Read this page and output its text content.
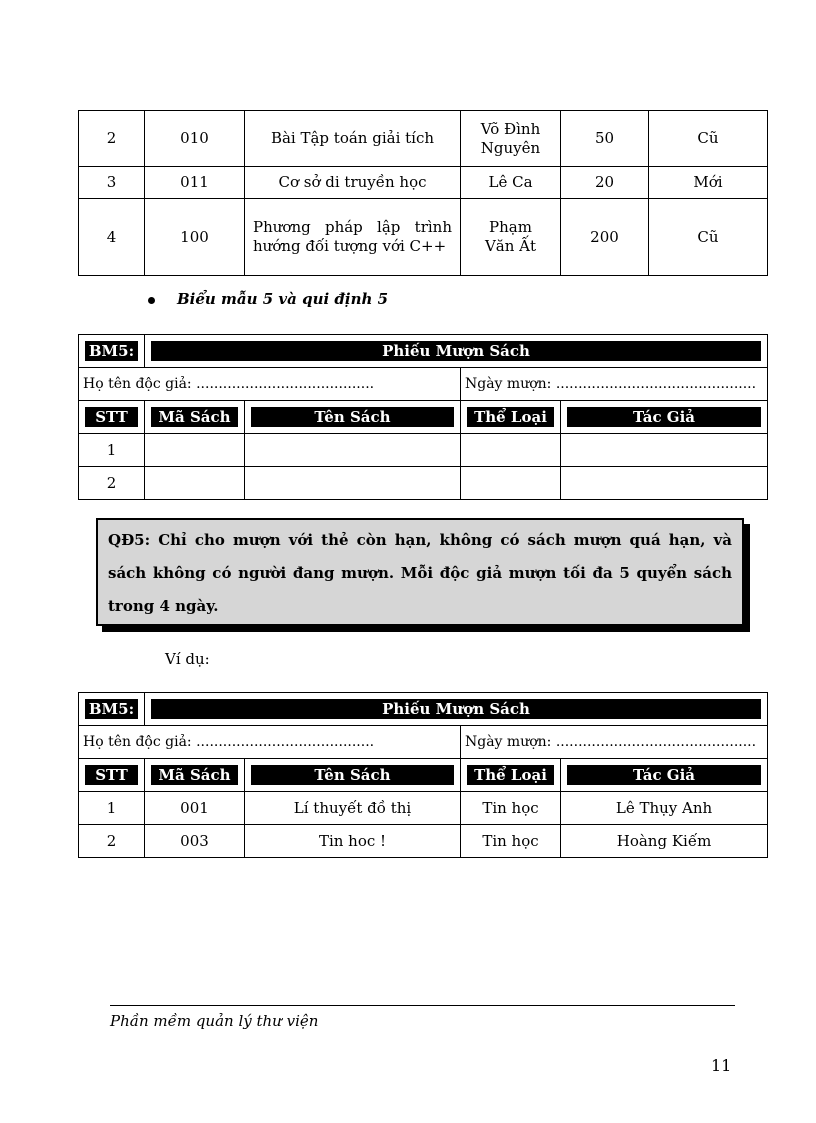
2	010	Bài Tập toán giải tích	Võ Đình Nguyên	50	Cũ
3	011	Cơ sở di truyền học	Lê Ca	20	Mới
4	100	Phương pháp lập trình hướng đối tượng với C++	Phạm Văn Ất	200	Cũ
Biểu mẫu 5 và qui định 5
BM5:	Phiếu Mượn Sách			

Họ tên độc giả: ........................................			Ngày mượn: .............................................	

STT	Mã Sách	Tên Sách	Thể Loại	Tác Giả

1				
2				
QĐ5: Chỉ cho mượn với thẻ còn hạn, không có sách mượn quá hạn, và sách không có người đang mượn. Mỗi độc giả mượn tối đa 5 quyển sách trong 4 ngày.
Ví dụ:
BM5:	Phiếu Mượn Sách			

Họ tên độc giả: ........................................			Ngày mượn: .............................................	

STT	Mã Sách	Tên Sách	Thể Loại	Tác Giả

1	001	Lí thuyết đồ thị	Tin học	Lê Thụy Anh
2	003	Tin hoc !	Tin học	Hoàng Kiếm
Phần mềm quản lý thư viện
11
